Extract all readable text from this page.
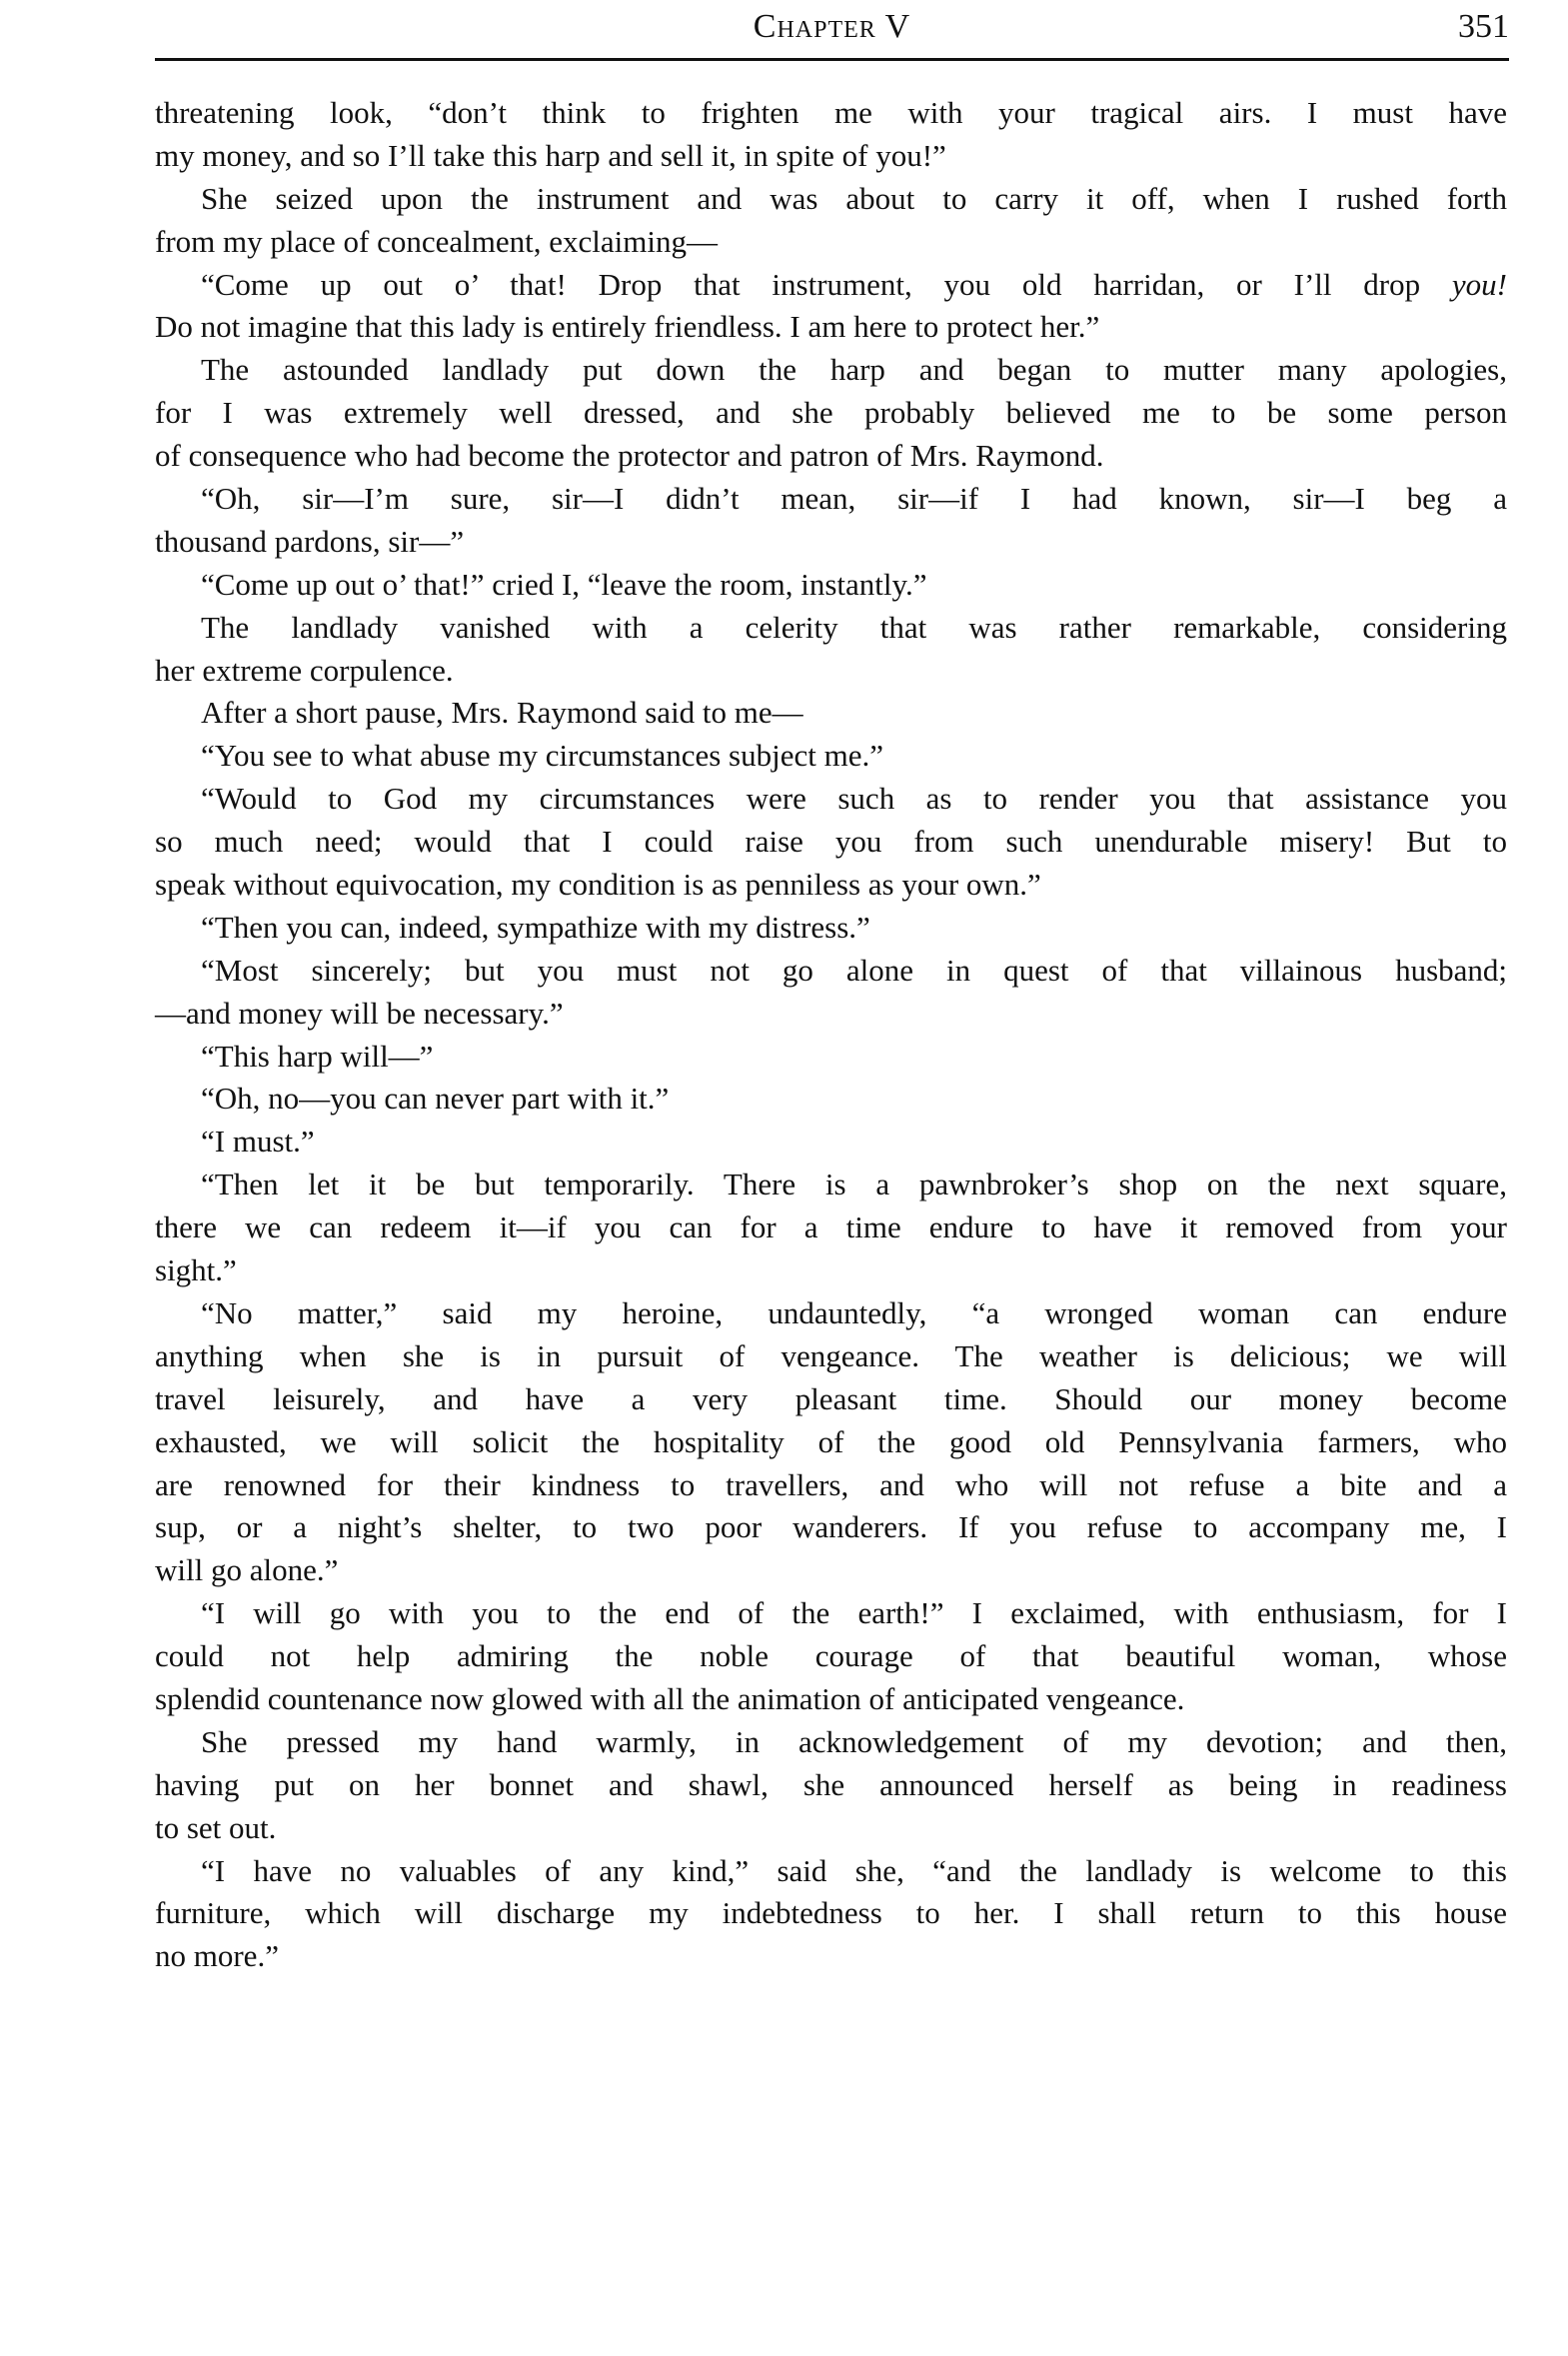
Chapter V	351
threatening look, “don’t think to frighten me with your tragical airs. I must have
my money, and so I’ll take this harp and sell it, in spite of you!”
She seized upon the instrument and was about to carry it off, when I rushed forth
from my place of concealment, exclaiming—
“Come up out o’ that! Drop that instrument, you old harridan, or I’ll drop you!
Do not imagine that this lady is entirely friendless. I am here to protect her.”
The astounded landlady put down the harp and began to mutter many apologies,
for I was extremely well dressed, and she probably believed me to be some person
of consequence who had become the protector and patron of Mrs. Raymond.
“Oh, sir—I’m sure, sir—I didn’t mean, sir—if I had known, sir—I beg a
thousand pardons, sir—”
“Come up out o’ that!” cried I, “leave the room, instantly.”
The landlady vanished with a celerity that was rather remarkable, considering
her extreme corpulence.
After a short pause, Mrs. Raymond said to me—
“You see to what abuse my circumstances subject me.”
“Would to God my circumstances were such as to render you that assistance you
so much need; would that I could raise you from such unendurable misery! But to
speak without equivocation, my condition is as penniless as your own.”
“Then you can, indeed, sympathize with my distress.”
“Most sincerely; but you must not go alone in quest of that villainous husband;
—and money will be necessary.”
“This harp will—”
“Oh, no—you can never part with it.”
“I must.”
“Then let it be but temporarily. There is a pawnbroker’s shop on the next square,
there we can redeem it—if you can for a time endure to have it removed from your
sight.”
“No matter,” said my heroine, undauntedly, “a wronged woman can endure
anything when she is in pursuit of vengeance. The weather is delicious; we will
travel leisurely, and have a very pleasant time. Should our money become
exhausted, we will solicit the hospitality of the good old Pennsylvania farmers, who
are renowned for their kindness to travellers, and who will not refuse a bite and a
sup, or a night’s shelter, to two poor wanderers. If you refuse to accompany me, I
will go alone.”
“I will go with you to the end of the earth!” I exclaimed, with enthusiasm, for I
could not help admiring the noble courage of that beautiful woman, whose
splendid countenance now glowed with all the animation of anticipated vengeance.
She pressed my hand warmly, in acknowledgement of my devotion; and then,
having put on her bonnet and shawl, she announced herself as being in readiness
to set out.
“I have no valuables of any kind,” said she, “and the landlady is welcome to this
furniture, which will discharge my indebtedness to her. I shall return to this house
no more.”
